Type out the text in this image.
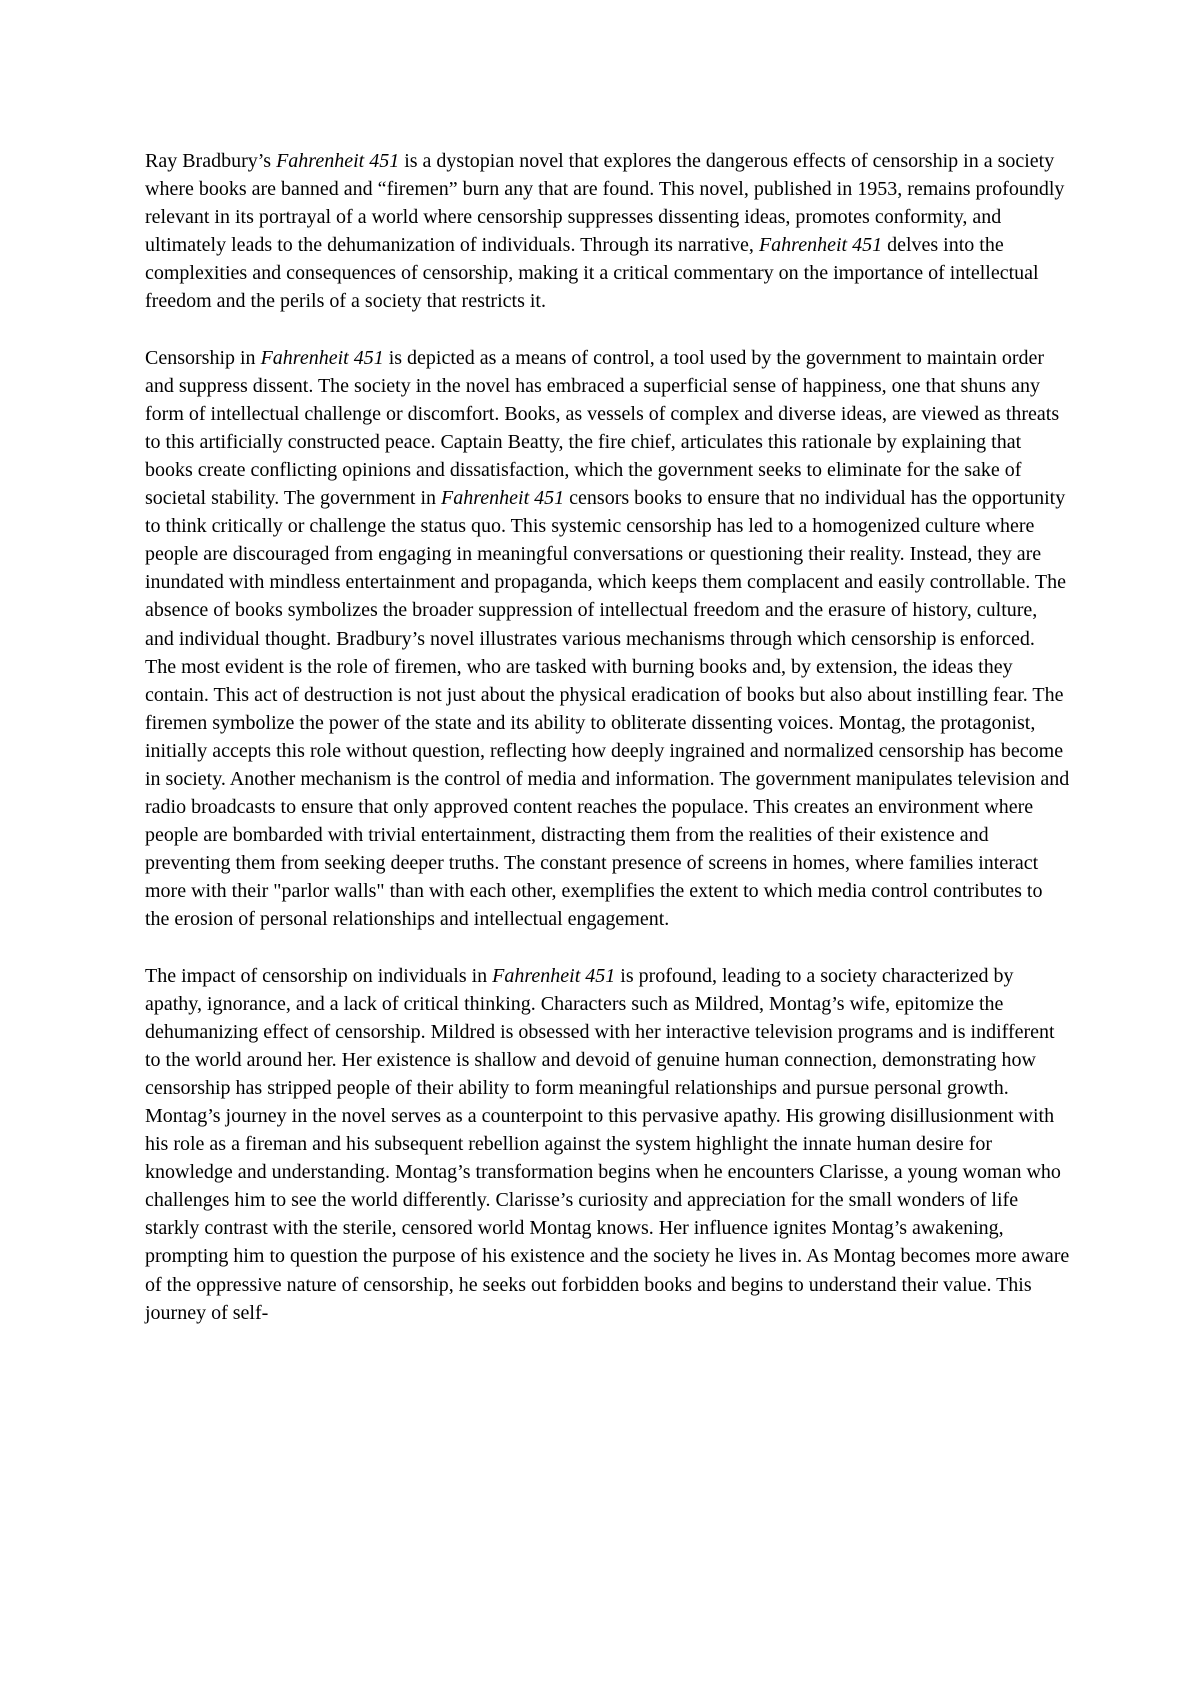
Ray Bradbury’s Fahrenheit 451 is a dystopian novel that explores the dangerous effects of censorship in a society where books are banned and “firemen” burn any that are found. This novel, published in 1953, remains profoundly relevant in its portrayal of a world where censorship suppresses dissenting ideas, promotes conformity, and ultimately leads to the dehumanization of individuals. Through its narrative, Fahrenheit 451 delves into the complexities and consequences of censorship, making it a critical commentary on the importance of intellectual freedom and the perils of a society that restricts it.

Censorship in Fahrenheit 451 is depicted as a means of control, a tool used by the government to maintain order and suppress dissent. The society in the novel has embraced a superficial sense of happiness, one that shuns any form of intellectual challenge or discomfort. Books, as vessels of complex and diverse ideas, are viewed as threats to this artificially constructed peace. Captain Beatty, the fire chief, articulates this rationale by explaining that books create conflicting opinions and dissatisfaction, which the government seeks to eliminate for the sake of societal stability. The government in Fahrenheit 451 censors books to ensure that no individual has the opportunity to think critically or challenge the status quo. This systemic censorship has led to a homogenized culture where people are discouraged from engaging in meaningful conversations or questioning their reality. Instead, they are inundated with mindless entertainment and propaganda, which keeps them complacent and easily controllable. The absence of books symbolizes the broader suppression of intellectual freedom and the erasure of history, culture, and individual thought. Bradbury’s novel illustrates various mechanisms through which censorship is enforced. The most evident is the role of firemen, who are tasked with burning books and, by extension, the ideas they contain. This act of destruction is not just about the physical eradication of books but also about instilling fear. The firemen symbolize the power of the state and its ability to obliterate dissenting voices. Montag, the protagonist, initially accepts this role without question, reflecting how deeply ingrained and normalized censorship has become in society. Another mechanism is the control of media and information. The government manipulates television and radio broadcasts to ensure that only approved content reaches the populace. This creates an environment where people are bombarded with trivial entertainment, distracting them from the realities of their existence and preventing them from seeking deeper truths. The constant presence of screens in homes, where families interact more with their "parlor walls" than with each other, exemplifies the extent to which media control contributes to the erosion of personal relationships and intellectual engagement.

The impact of censorship on individuals in Fahrenheit 451 is profound, leading to a society characterized by apathy, ignorance, and a lack of critical thinking. Characters such as Mildred, Montag’s wife, epitomize the dehumanizing effect of censorship. Mildred is obsessed with her interactive television programs and is indifferent to the world around her. Her existence is shallow and devoid of genuine human connection, demonstrating how censorship has stripped people of their ability to form meaningful relationships and pursue personal growth. Montag’s journey in the novel serves as a counterpoint to this pervasive apathy. His growing disillusionment with his role as a fireman and his subsequent rebellion against the system highlight the innate human desire for knowledge and understanding. Montag’s transformation begins when he encounters Clarisse, a young woman who challenges him to see the world differently. Clarisse’s curiosity and appreciation for the small wonders of life starkly contrast with the sterile, censored world Montag knows. Her influence ignites Montag’s awakening, prompting him to question the purpose of his existence and the society he lives in. As Montag becomes more aware of the oppressive nature of censorship, he seeks out forbidden books and begins to understand their value. This journey of self-
